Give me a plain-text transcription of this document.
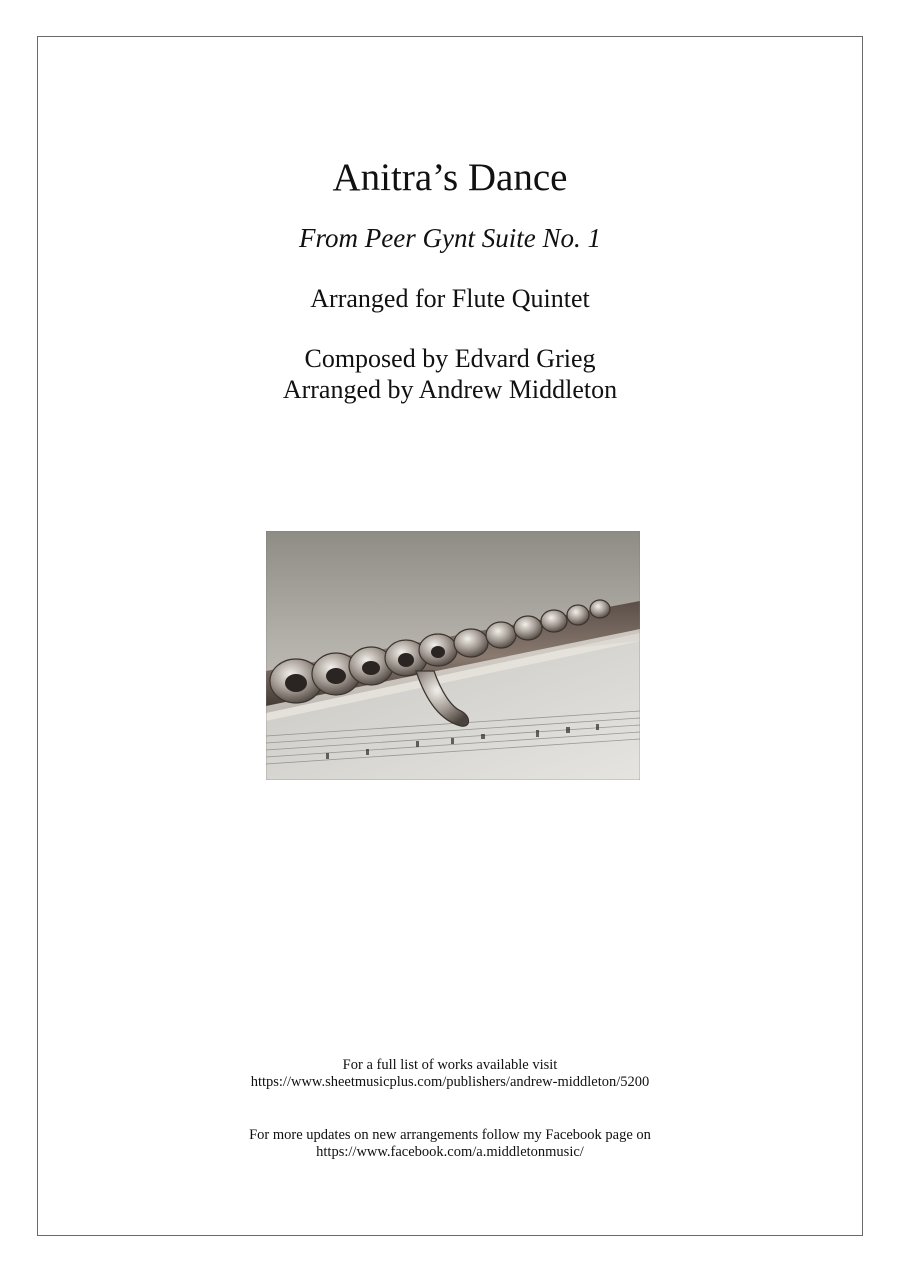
Anitra’s Dance
From Peer Gynt Suite No. 1
Arranged for Flute Quintet
Composed by Edvard Grieg
Arranged by Andrew Middleton
For a full list of works available visit
https://www.sheetmusicplus.com/publishers/andrew-middleton/5200
For more updates on new arrangements follow my Facebook page on
https://www.facebook.com/a.middletonmusic/
